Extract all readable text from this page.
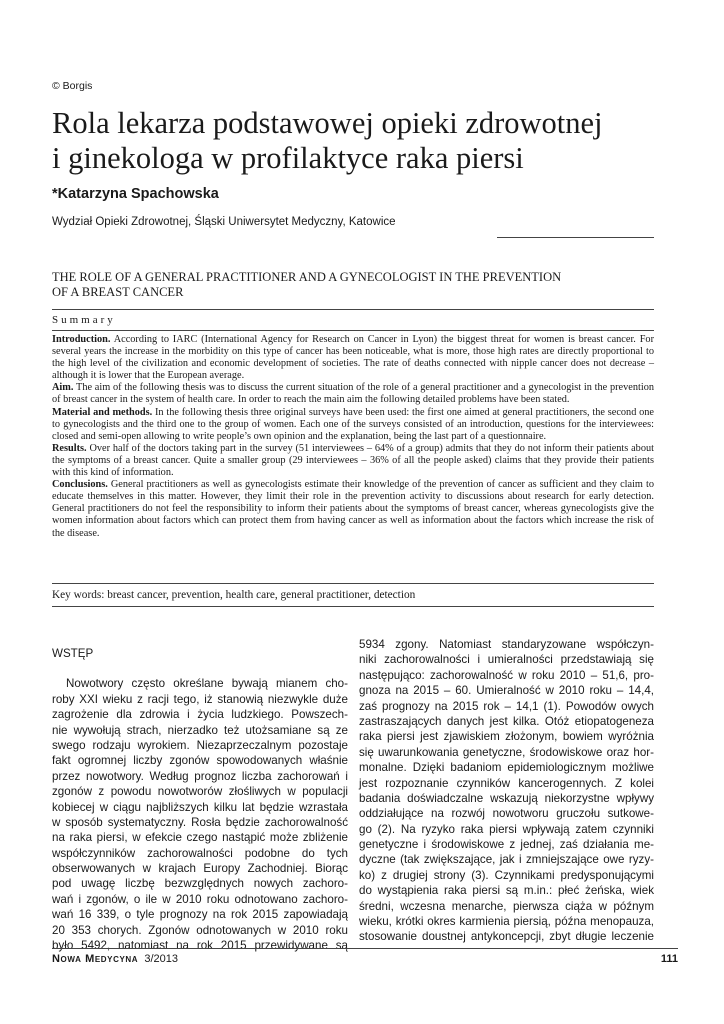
© Borgis
Rola lekarza podstawowej opieki zdrowotnej
i ginekologa w profilaktyce raka piersi
*Katarzyna Spachowska
Wydział Opieki Zdrowotnej, Śląski Uniwersytet Medyczny, Katowice
THE ROLE OF A GENERAL PRACTITIONER AND A GYNECOLOGIST IN THE PREVENTION
OF A BREAST CANCER
Summary

Introduction. According to IARC (International Agency for Research on Cancer in Lyon) the biggest threat for women is breast cancer. For several years the increase in the morbidity on this type of cancer has been noticeable, what is more, those high rates are directly proportional to the high level of the civilization and economic development of societies. The rate of deaths connected with nipple cancer does not decrease – although it is lower that the European average.

Aim. The aim of the following thesis was to discuss the current situation of the role of a general practitioner and a gynecologist in the prevention of breast cancer in the system of health care. In order to reach the main aim the following detailed problems have been stated.

Material and methods. In the following thesis three original surveys have been used: the first one aimed at general practitioners, the second one to gynecologists and the third one to the group of women. Each one of the surveys consisted of an introduction, questions for the interviewees: closed and semi-open allowing to write people’s own opinion and the explanation, being the last part of a questionnaire.

Results. Over half of the doctors taking part in the survey (51 interviewees – 64% of a group) admits that they do not inform their patients about the symptoms of a breast cancer. Quite a smaller group (29 interviewees – 36% of all the people asked) claims that they provide their patients with this kind of information.

Conclusions. General practitioners as well as gynecologists estimate their knowledge of the prevention of cancer as sufficient and they claim to educate themselves in this matter. However, they limit their role in the prevention activity to discussions about research for early detection. General practitioners do not feel the responsibility to inform their patients about the symptoms of breast cancer, whereas gynecologists give the women information about factors which can protect them from having cancer as well as information about the factors which increase the risk of the disease.

Key words: breast cancer, prevention, health care, general practitioner, detection
WSTĘP
Nowotwory często określane bywają mianem cho-
roby XXI wieku z racji tego, iż stanowią niezwykle duże
zagrożenie dla zdrowia i życia ludzkiego. Powszech-
nie wywołują strach, nierzadko też utożsamiane są ze
swego rodzaju wyrokiem. Niezaprzeczalnym pozostaje
fakt ogromnej liczby zgonów spowodowanych właśnie
przez nowotwory. Według prognoz liczba zachorowań i
zgonów z powodu nowotworów złośliwych w populacji
kobiecej w ciągu najbliższych kilku lat będzie wzrastała
w sposób systematyczny. Rosła będzie zachorowalność
na raka piersi, w efekcie czego nastąpić może zbliżenie
współczynników zachorowalności podobne do tych
obserwowanych w krajach Europy Zachodniej. Biorąc
pod uwagę liczbę bezwzględnych nowych zachoro-
wań i zgonów, o ile w 2010 roku odnotowano zachoro-
wań 16 339, o tyle prognozy na rok 2015 zapowiadają
20 353 chorych. Zgonów odnotowanych w 2010 roku
było 5492, natomiast na rok 2015 przewidywane są
5934 zgony. Natomiast standaryzowane współczyn-
niki zachorowalności i umieralności przedstawiają się
następująco: zachorowalność w roku 2010 – 51,6, pro-
gnoza na 2015 – 60. Umieralność w 2010 roku – 14,4,
zaś prognozy na 2015 rok – 14,1 (1). Powodów owych
zastraszających danych jest kilka. Otóż etiopatogeneza
raka piersi jest zjawiskiem złożonym, bowiem wyróżnia
się uwarunkowania genetyczne, środowiskowe oraz hor-
monalne. Dzięki badaniom epidemiologicznym możliwe
jest rozpoznanie czynników kancerogennych. Z kolei
badania doświadczalne wskazują niekorzystne wpływy
oddziałujące na rozwój nowotworu gruczołu sutkowe-
go (2). Na ryzyko raka piersi wpływają zatem czynniki
genetyczne i środowiskowe z jednej, zaś działania me-
dyczne (tak zwiększające, jak i zmniejszające owe ryzy-
ko) z drugiej strony (3). Czynnikami predysponującymi
do wystąpienia raka piersi są m.in.: płeć żeńska, wiek
średni, wczesna menarche, pierwsza ciąża w późnym
wieku, krótki okres karmienia piersią, późna menopauza,
stosowanie doustnej antykoncepcji, zbyt długie leczenie
Nowa Medycyna 3/2013	111
